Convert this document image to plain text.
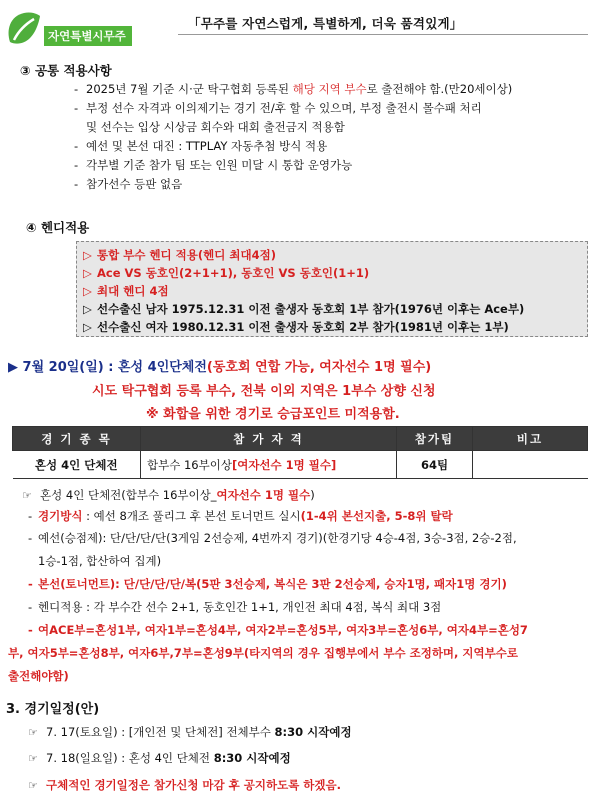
자연특별시무주
「무주를 자연스럽게, 특별하게, 더욱 품격있게」
③ 공통 적용사항
- 2025년 7월 기준 시·군 탁구협회 등록된 해당 지역 부수로 출전해야 함.(만20세이상)
- 부정 선수 자격과 이의제기는 경기 전/후 할 수 있으며, 부정 출전시 몰수패 처리
및 선수는 입상 시상금 회수와 대회 출전금지 적용함
- 예선 및 본선 대진 : TTPLAY 자동추첨 방식 적용
- 각부별 기준 참가 팀 또는 인원 미달 시 통합 운영가능
- 참가선수 등판 없음
④ 헨디적용
▷ 통합 부수 헨디 적용(헨디 최대4점)
▷ Ace VS 동호인(2+1+1), 동호인 VS 동호인(1+1)
▷ 최대 헨디 4점
▷ 선수출신 남자 1975.12.31 이전 출생자 동호회 1부 참가(1976년 이후는 Ace부)
▷ 선수출신 여자 1980.12.31 이전 출생자 동호회 2부 참가(1981년 이후는 1부)
▶ 7월 20일(일) : 혼성 4인단체전(동호회 연합 가능, 여자선수 1명 필수)
시도 탁구협회 등록 부수, 전북 이외 지역은 1부수 상향 신청
※ 화합을 위한 경기로 승급포인트 미적용함.
경 기 종 목	참 가 자 격	참가팀	비고
혼성 4인 단체전	합부수 16부이상[여자선수 1명 필수]	64팀	
☞ 혼성 4인 단체전(합부수 16부이상_여자선수 1명 필수)
- 경기방식 : 예선 8개조 풀리그 후 본선 토너먼트 실시(1-4위 본선지출, 5-8위 탈락
- 예선(승점제): 단/단/단/단(3게임 2선승제, 4번까지 경기)(한경기당 4승-4점, 3승-3점, 2승-2점,
1승-1점, 합산하여 집계)
- 본선(토너먼트): 단/단/단/단/복(5판 3선승제, 복식은 3판 2선승제, 승자1명, 패자1명 경기)
- 헨디적용 : 각 부수간 선수 2+1, 동호인간 1+1, 개인전 최대 4점, 복식 최대 3점
- 여ACE부=혼성1부, 여자1부=혼성4부, 여자2부=혼성5부, 여자3부=혼성6부, 여자4부=혼성7
부, 여자5부=혼성8부, 여자6부,7부=혼성9부(타지역의 경우 집행부에서 부수 조정하며, 지역부수로
출전해야함)
3. 경기일정(안)
☞ 7. 17(토요일) : [개인전 및 단체전] 전체부수 8:30 시작예정
☞ 7. 18(일요일) : 혼성 4인 단체전 8:30 시작예정
☞ 구체적인 경기일정은 참가신청 마감 후 공지하도록 하겠음.
